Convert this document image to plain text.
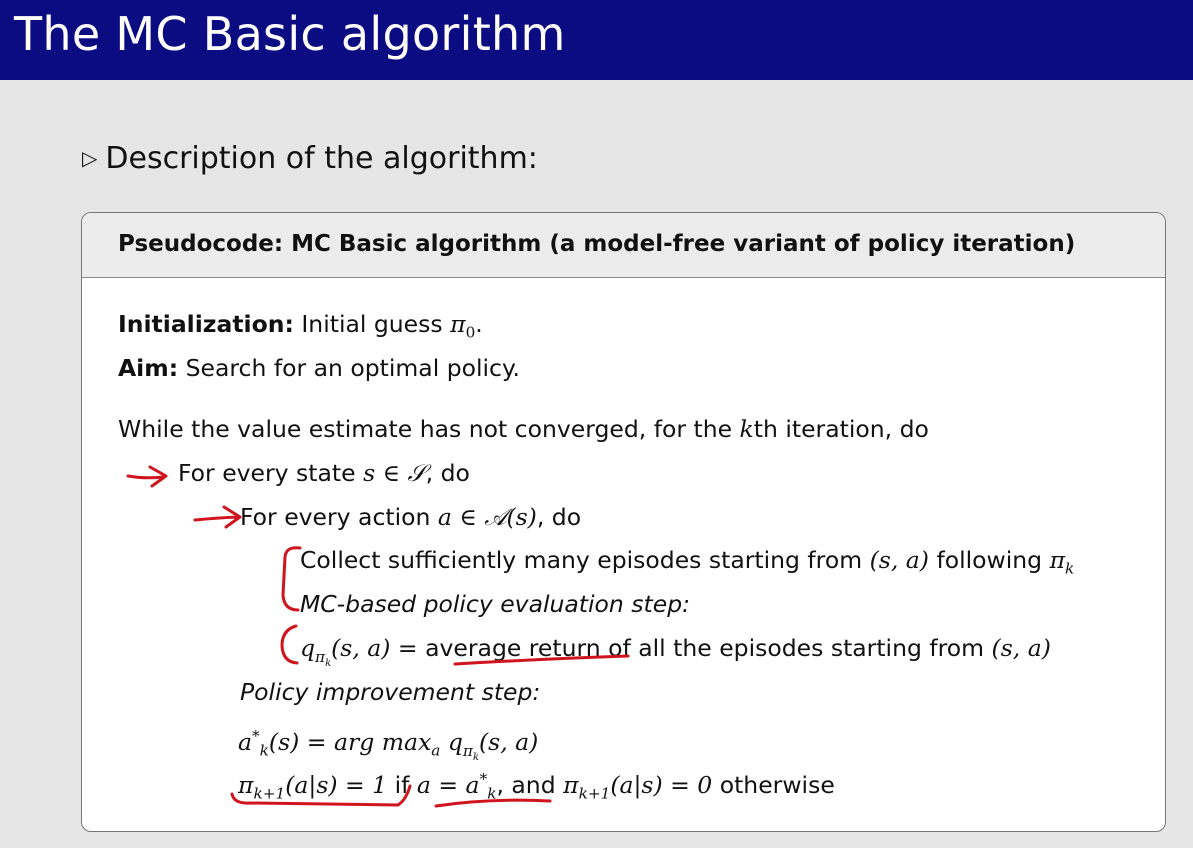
The MC Basic algorithm
▷ Description of the algorithm:
Pseudocode: MC Basic algorithm (a model-free variant of policy iteration)
Initialization: Initial guess $\pi_0$.
Aim: Search for an optimal policy.
While the value estimate has not converged, for the kth iteration, do
For every state s ∈ 𝒮, do
For every action a ∈ 𝒜(s), do
Collect sufficiently many episodes starting from (s, a) following $\pi_k$
MC-based policy evaluation step:
$q_{\pi_k}(s$, a) = average return of all the episodes starting from (s, a)
Policy improvement step:
$a^*_k(s)$ = arg $\max_a q_{\pi_k}(s$, a)
$\pi_{k+1}(a|s) = 1$ if $a = a^*_k$, and $\pi_{k+1}(a|s) = 0$ otherwise
